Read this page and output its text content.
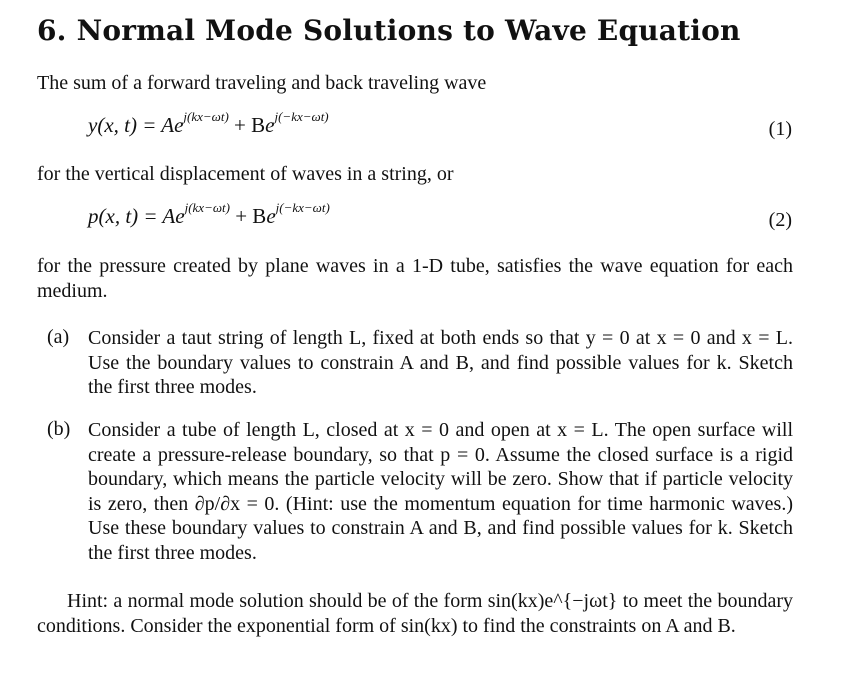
6. Normal Mode Solutions to Wave Equation

The sum of a forward traveling and back traveling wave

y(x, $t) = Ae^{j(kx-\omega t)} + Be^{j(-kx-\omega t)}$
(1)

for the vertical displacement of waves in a string, or

p(x, $t) = Ae^{j(kx-\omega t)} + Be^{j(-kx-\omega t)}$
(2)

for the pressure created by plane waves in a 1-D tube, satisfies the wave equation for each medium.

(a) Consider a taut string of length L, fixed at both ends so that y = 0 at x = 0 and x = L. Use the boundary values to constrain A and B, and find possible values for k. Sketch the first three modes.

(b) Consider a tube of length L, closed at x = 0 and open at x = L. The open surface will create a pressure-release boundary, so that p = 0. Assume the closed surface is a rigid boundary, which means the particle velocity will be zero. Show that if particle velocity is zero, then ∂p/∂x = 0. (Hint: use the momentum equation for time harmonic waves.) Use these boundary values to constrain A and B, and find possible values for k. Sketch the first three modes.

Hint: a normal mode solution should be of the form sin(kx)e^{−jωt} to meet the boundary conditions. Consider the exponential form of sin(kx) to find the constraints on A and B.
